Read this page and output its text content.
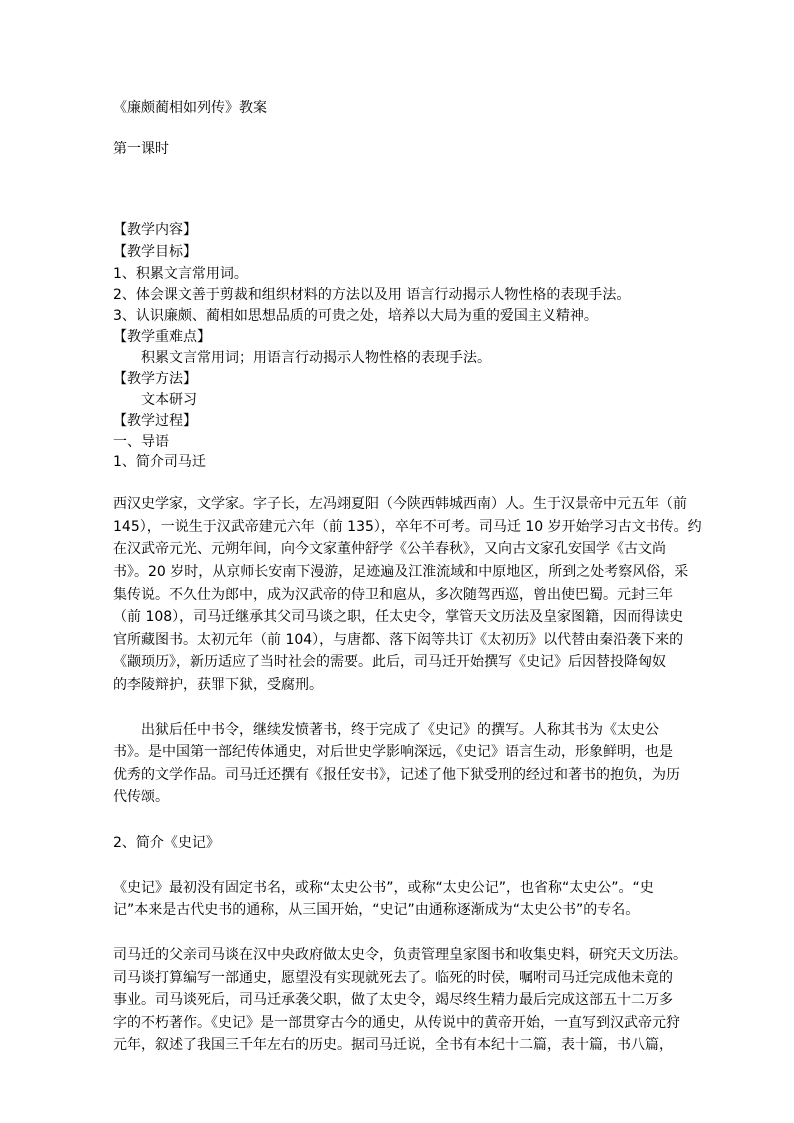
《廉颇蔺相如列传》教案
第一课时
【教学内容】
【教学目标】
1、积累文言常用词。
2、体会课文善于剪裁和组织材料的方法以及用 语言行动揭示人物性格的表现手法。
3、认识廉颇、蔺相如思想品质的可贵之处，培养以大局为重的爱国主义精神。
【教学重难点】
积累文言常用词；用语言行动揭示人物性格的表现手法。
【教学方法】
文本研习
【教学过程】
一、导语
1、简介司马迁
西汉史学家，文学家。字子长，左冯翊夏阳（今陕西韩城西南）人。生于汉景帝中元五年（前
145），一说生于汉武帝建元六年（前 135），卒年不可考。司马迁 10 岁开始学习古文书传。约
在汉武帝元光、元朔年间，向今文家董仲舒学《公羊春秋》，又向古文家孔安国学《古文尚
书》。20 岁时，从京师长安南下漫游，足迹遍及江淮流域和中原地区，所到之处考察风俗，采
集传说。不久仕为郎中，成为汉武帝的侍卫和扈从，多次随驾西巡，曾出使巴蜀。元封三年
（前 108），司马迁继承其父司马谈之职，任太史令，掌管天文历法及皇家图籍，因而得读史
官所藏图书。太初元年（前 104），与唐都、落下闳等共订《太初历》以代替由秦沿袭下来的
《颛顼历》，新历适应了当时社会的需要。此后，司马迁开始撰写《史记》后因替投降匈奴
的李陵辩护，获罪下狱，受腐刑。
出狱后任中书令，继续发愤著书，终于完成了《史记》的撰写。人称其书为《太史公
书》。是中国第一部纪传体通史，对后世史学影响深远，《史记》语言生动，形象鲜明，也是
优秀的文学作品。司马迁还撰有《报任安书》，记述了他下狱受刑的经过和著书的抱负，为历
代传颂。
2、简介《史记》
《史记》最初没有固定书名，或称“太史公书”，或称“太史公记”，也省称“太史公”。“史
记”本来是古代史书的通称，从三国开始，“史记”由通称逐渐成为“太史公书”的专名。
司马迁的父亲司马谈在汉中央政府做太史令，负责管理皇家图书和收集史料，研究天文历法。
司马谈打算编写一部通史，愿望没有实现就死去了。临死的时侯，嘱咐司马迁完成他未竟的
事业。司马谈死后，司马迁承袭父职，做了太史令，竭尽终生精力最后完成这部五十二万多
字的不朽著作。《史记》是一部贯穿古今的通史，从传说中的黄帝开始，一直写到汉武帝元狩
元年，叙述了我国三千年左右的历史。据司马迁说，全书有本纪十二篇，表十篇，书八篇，
